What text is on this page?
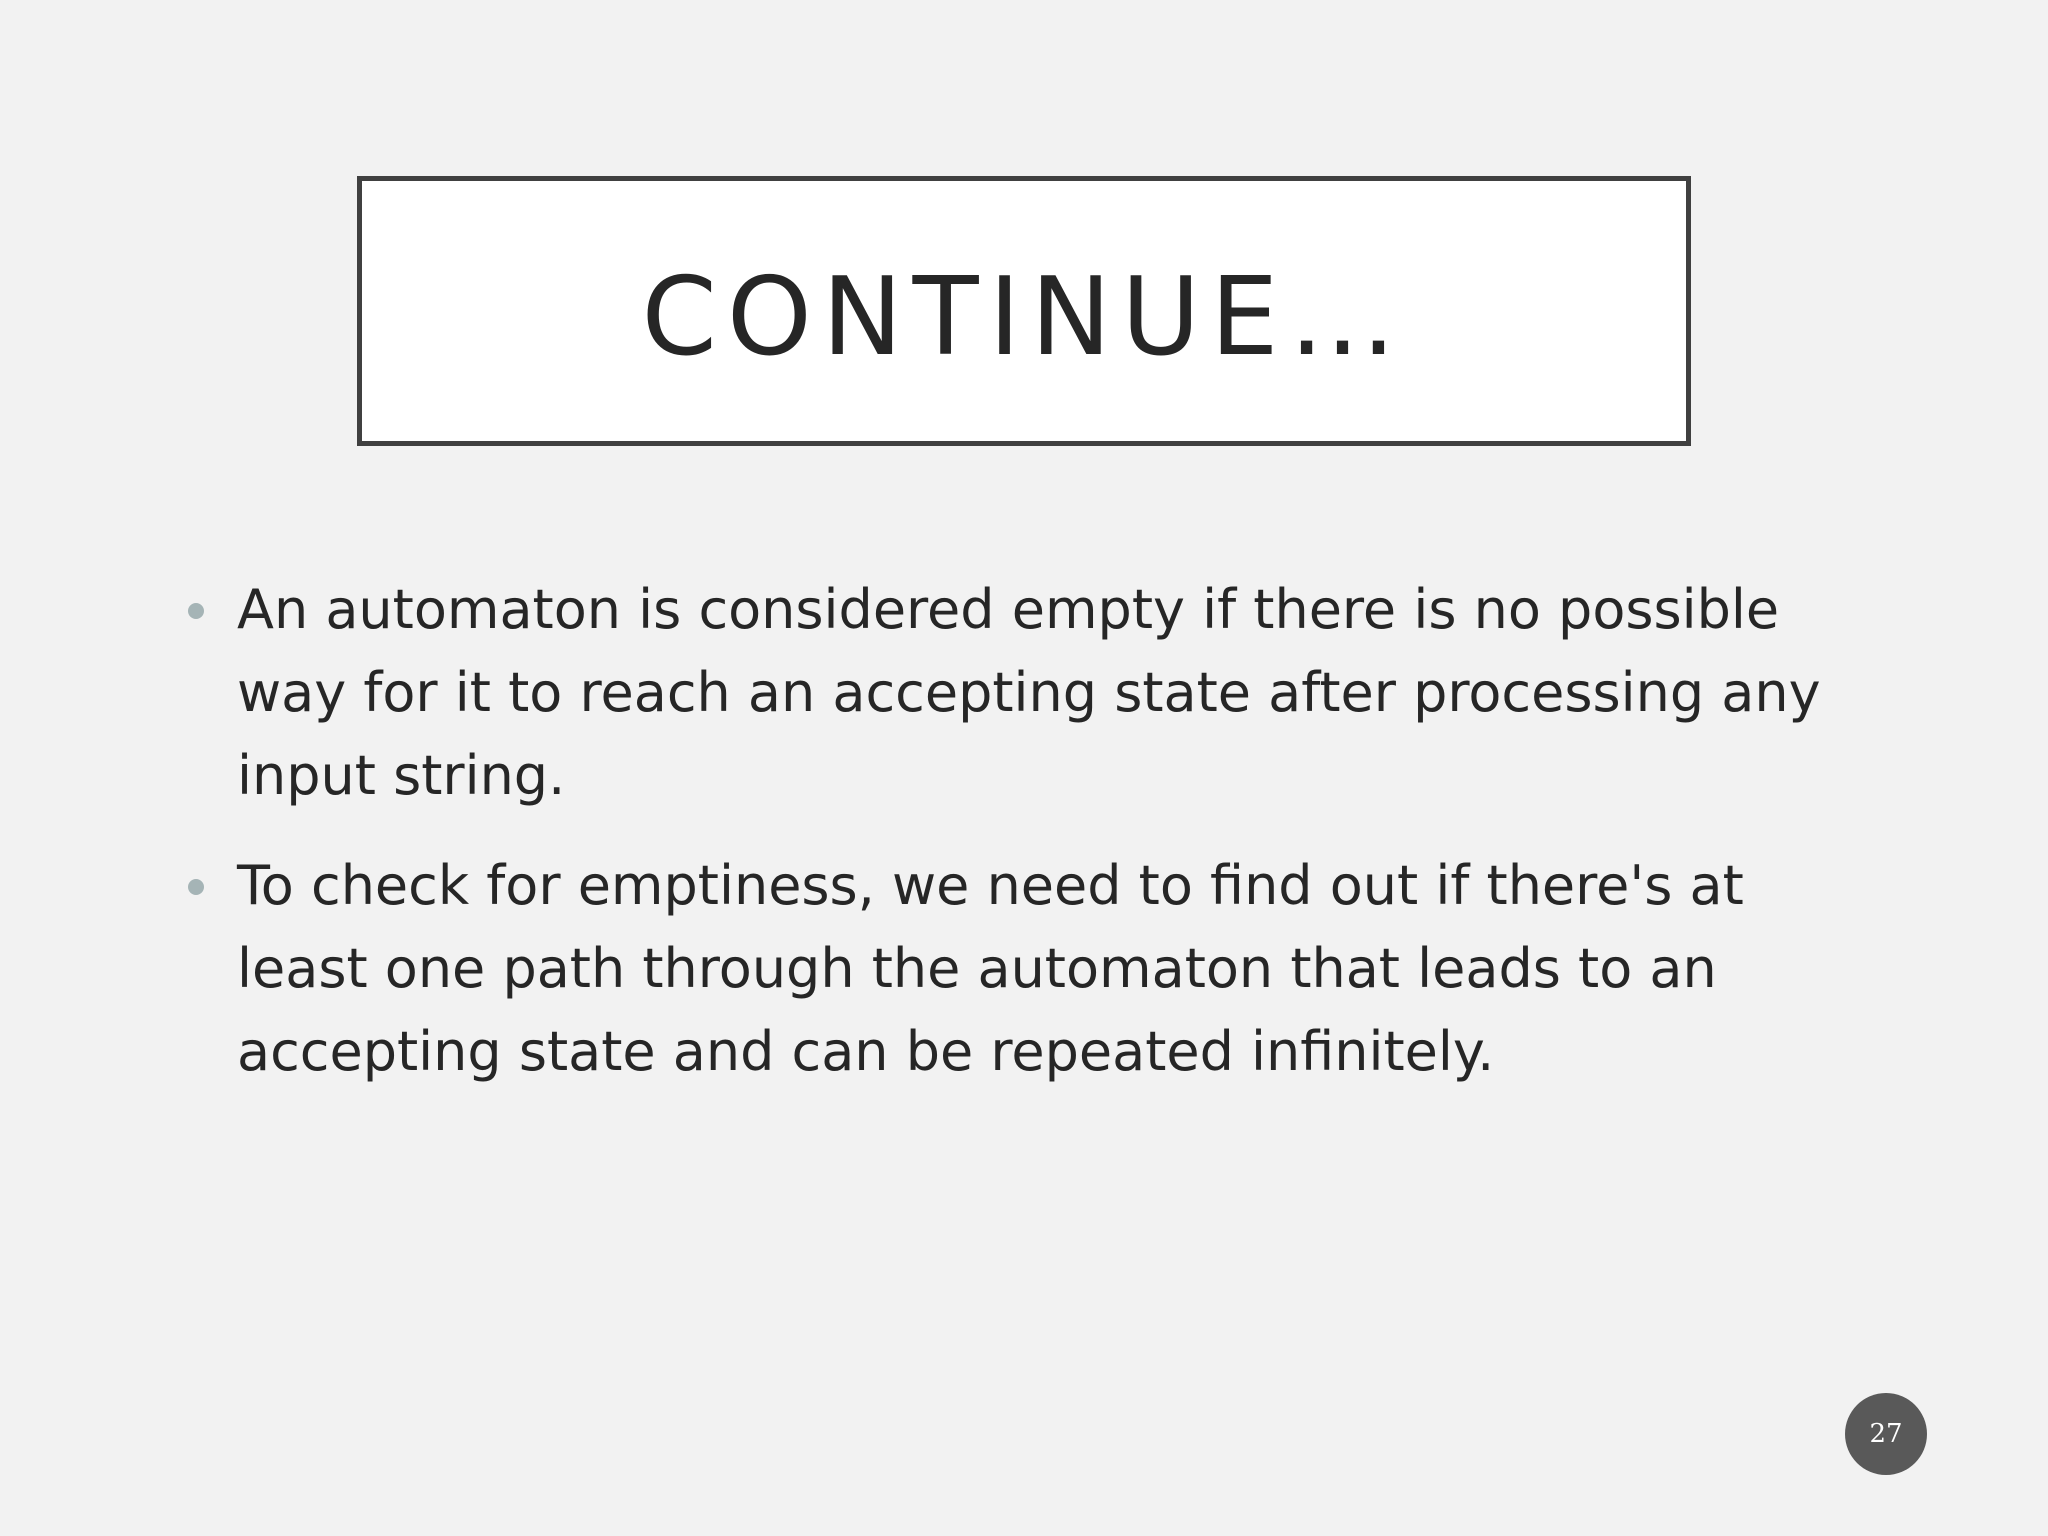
CONTINUE…
An automaton is considered empty if there is no possible way for it to reach an accepting state after processing any input string.
To check for emptiness, we need to find out if there's at least one path through the automaton that leads to an accepting state and can be repeated infinitely.
27
